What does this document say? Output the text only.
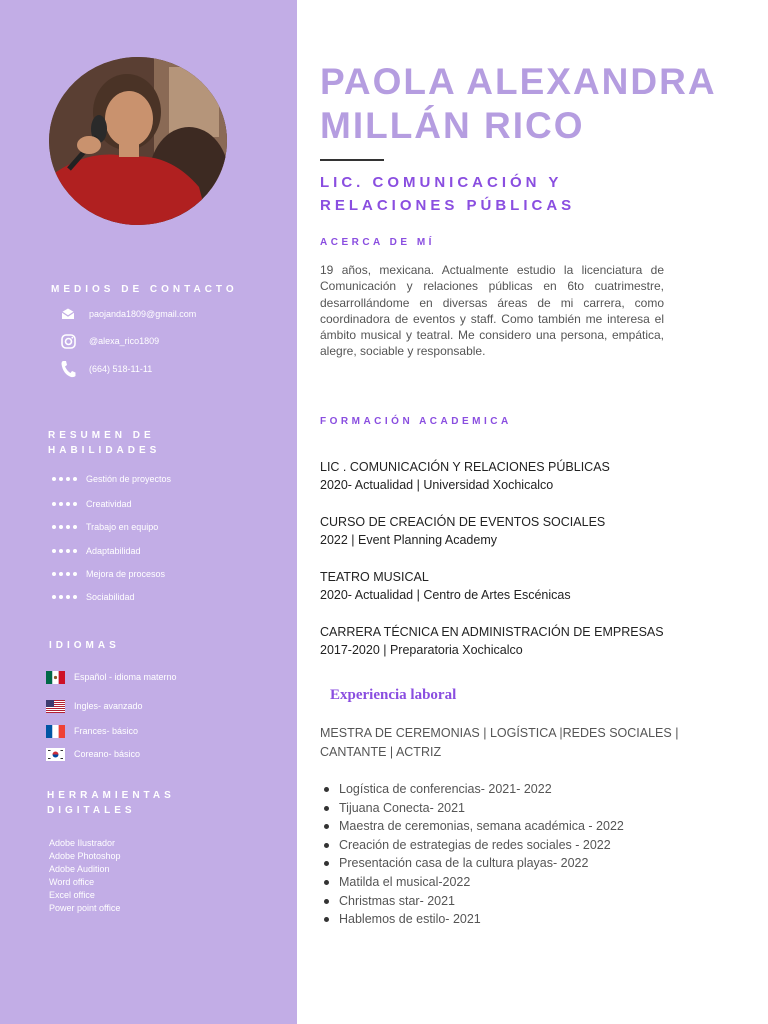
MEDIOS DE CONTACTO
paojanda1809@gmail.com
@alexa_rico1809
(664) 518-11-11
RESUMEN DE
HABILIDADES
Gestión de proyectos
Creatividad
Trabajo en equipo
Adaptabilidad
Mejora de procesos
Sociabilidad
IDIOMAS
Español - idioma materno
Ingles- avanzado
Frances- básico
Coreano- básico
HERRAMIENTAS
DIGITALES
Adobe Ilustrador
Adobe Photoshop
Adobe Audition
Word office
Excel office
Power point office
PAOLA ALEXANDRA
MILLÁN RICO
LIC. COMUNICACIÓN Y
RELACIONES PÚBLICAS
ACERCA DE MÍ
19 años, mexicana. Actualmente estudio la licenciatura de Comunicación y relaciones públicas en 6to cuatrimestre, desarrollándome en diversas áreas de mi carrera, como coordinadora de eventos y staff. Como también me interesa el ámbito musical y teatral. Me considero una persona, empática, alegre, sociable y responsable.
FORMACIÓN ACADEMICA
LIC . COMUNICACIÓN Y RELACIONES PÚBLICAS
2020- Actualidad | Universidad Xochicalco
CURSO DE CREACIÓN DE EVENTOS SOCIALES
2022 | Event Planning Academy
TEATRO MUSICAL
2020- Actualidad | Centro de Artes Escénicas
CARRERA TÉCNICA EN ADMINISTRACIÓN DE EMPRESAS
2017-2020 | Preparatoria Xochicalco
Experiencia laboral
MESTRA DE CEREMONIAS | LOGÍSTICA |REDES SOCIALES | CANTANTE | ACTRIZ
Logística de conferencias- 2021- 2022
Tijuana Conecta- 2021
Maestra de ceremonias, semana académica - 2022
Creación de estrategias de redes sociales - 2022
Presentación casa de la cultura playas- 2022
Matilda el musical-2022
Christmas star- 2021
Hablemos de estilo- 2021
